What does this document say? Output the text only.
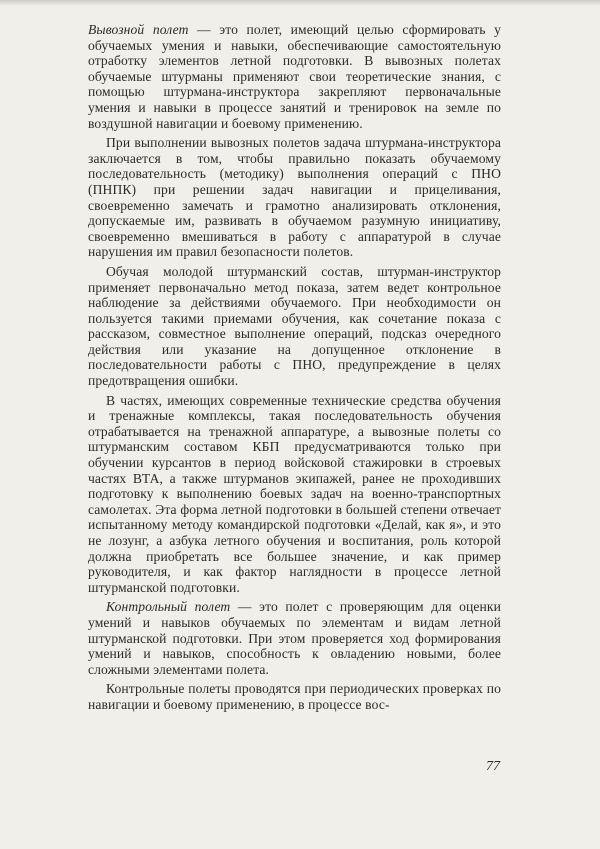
Вывозной полет — это полет, имеющий целью сформировать у обучаемых умения и навыки, обеспечивающие самостоятельную отработку элементов летной подготовки. В вывозных полетах обучаемые штурманы применяют свои теоретические знания, с помощью штурмана-инструктора закрепляют первоначальные умения и навыки в процессе занятий и тренировок на земле по воздушной навигации и боевому применению.

При выполнении вывозных полетов задача штурмана-инструктора заключается в том, чтобы правильно показать обучаемому последовательность (методику) выполнения операций с ПНО (ПНПК) при решении задач навигации и прицеливания, своевременно замечать и грамотно анализировать отклонения, допускаемые им, развивать в обучаемом разумную инициативу, своевременно вмешиваться в работу с аппаратурой в случае нарушения им правил безопасности полетов.

Обучая молодой штурманский состав, штурман-инструктор применяет первоначально метод показа, затем ведет контрольное наблюдение за действиями обучаемого. При необходимости он пользуется такими приемами обучения, как сочетание показа с рассказом, совместное выполнение операций, подсказ очередного действия или указание на допущенное отклонение в последовательности работы с ПНО, предупреждение в целях предотвращения ошибки.

В частях, имеющих современные технические средства обучения и тренажные комплексы, такая последовательность обучения отрабатывается на тренажной аппаратуре, а вывозные полеты со штурманским составом КБП предусматриваются только при обучении курсантов в период войсковой стажировки в строевых частях ВТА, а также штурманов экипажей, ранее не проходивших подготовку к выполнению боевых задач на военно-транспортных самолетах. Эта форма летной подготовки в большей степени отвечает испытанному методу командирской подготовки «Делай, как я», и это не лозунг, а азбука летного обучения и воспитания, роль которой должна приобретать все большее значение, и как пример руководителя, и как фактор наглядности в процессе летной штурманской подготовки.

Контрольный полет — это полет с проверяющим для оценки умений и навыков обучаемых по элементам и видам летной штурманской подготовки. При этом проверяется ход формирования умений и навыков, способность к овладению новыми, более сложными элементами полета.

Контрольные полеты проводятся при периодических проверках по навигации и боевому применению, в процессе вос-

77
